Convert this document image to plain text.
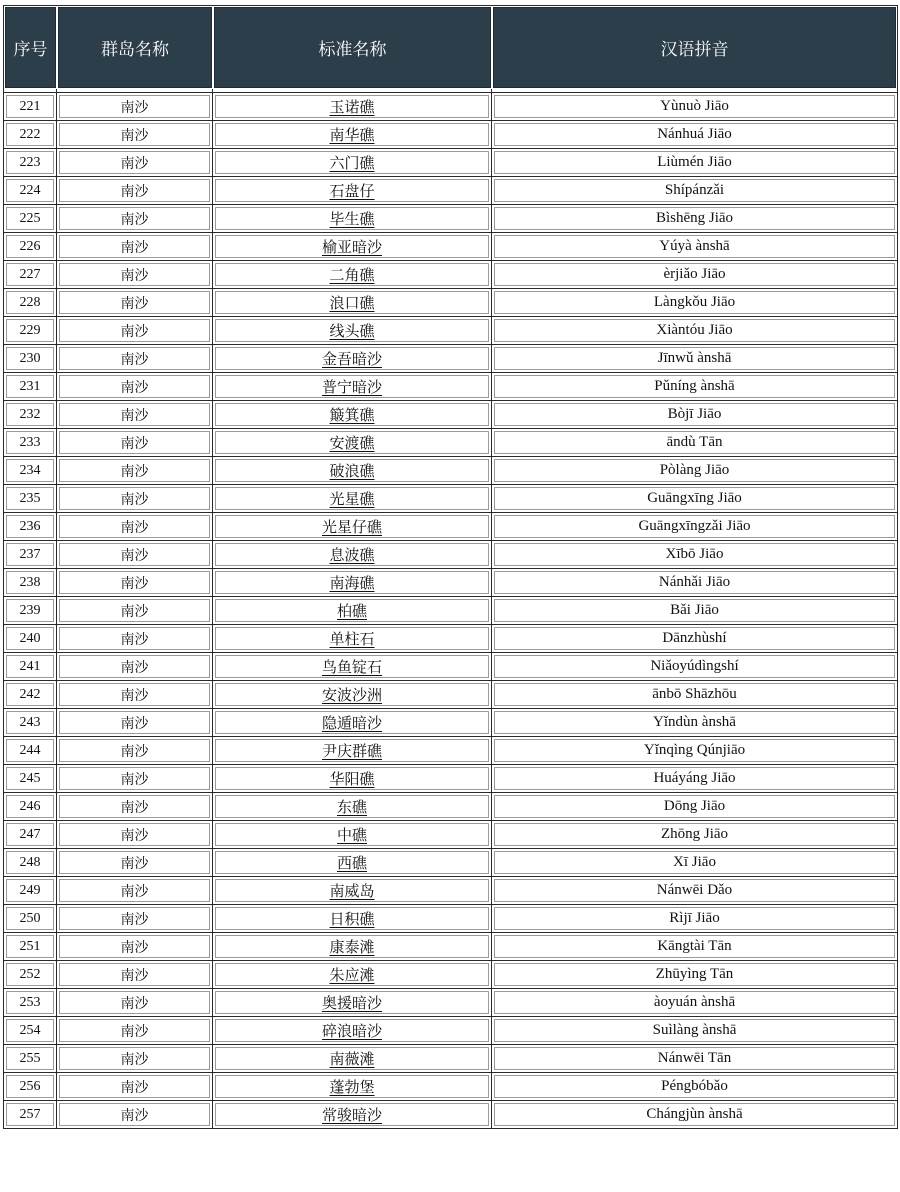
序号	群岛名称	标准名称	汉语拼音

221	南沙	玉诺礁	Yùnuò Jiāo
222	南沙	南华礁	Nánhuá Jiāo
223	南沙	六门礁	Liùmén Jiāo
224	南沙	石盘仔	Shípánzǎi
225	南沙	毕生礁	Bìshēng Jiāo
226	南沙	榆亚暗沙	Yúyà ànshā
227	南沙	二角礁	èrjiǎo Jiāo
228	南沙	浪口礁	Làngkǒu Jiāo
229	南沙	线头礁	Xiàntóu Jiāo
230	南沙	金吾暗沙	Jīnwǔ ànshā
231	南沙	普宁暗沙	Pǔníng ànshā
232	南沙	簸箕礁	Bòjī Jiāo
233	南沙	安渡礁	āndù Tān
234	南沙	破浪礁	Pòlàng Jiāo
235	南沙	光星礁	Guāngxīng Jiāo
236	南沙	光星仔礁	Guāngxīngzǎi Jiāo
237	南沙	息波礁	Xībō Jiāo
238	南沙	南海礁	Nánhǎi Jiāo
239	南沙	柏礁	Bǎi Jiāo
240	南沙	单柱石	Dānzhùshí
241	南沙	鸟鱼锭石	Niǎoyúdìngshí
242	南沙	安波沙洲	ānbō Shāzhōu
243	南沙	隐遁暗沙	Yǐndùn ànshā
244	南沙	尹庆群礁	Yǐnqìng Qúnjiāo
245	南沙	华阳礁	Huáyáng Jiāo
246	南沙	东礁	Dōng Jiāo
247	南沙	中礁	Zhōng Jiāo
248	南沙	西礁	Xī Jiāo
249	南沙	南威岛	Nánwēi Dǎo
250	南沙	日积礁	Rìjī Jiāo
251	南沙	康泰滩	Kāngtài Tān
252	南沙	朱应滩	Zhūyìng Tān
253	南沙	奥援暗沙	àoyuán ànshā
254	南沙	碎浪暗沙	Suìlàng ànshā
255	南沙	南薇滩	Nánwēi Tān
256	南沙	蓬勃堡	Péngbóbǎo
257	南沙	常骏暗沙	Chángjùn ànshā
